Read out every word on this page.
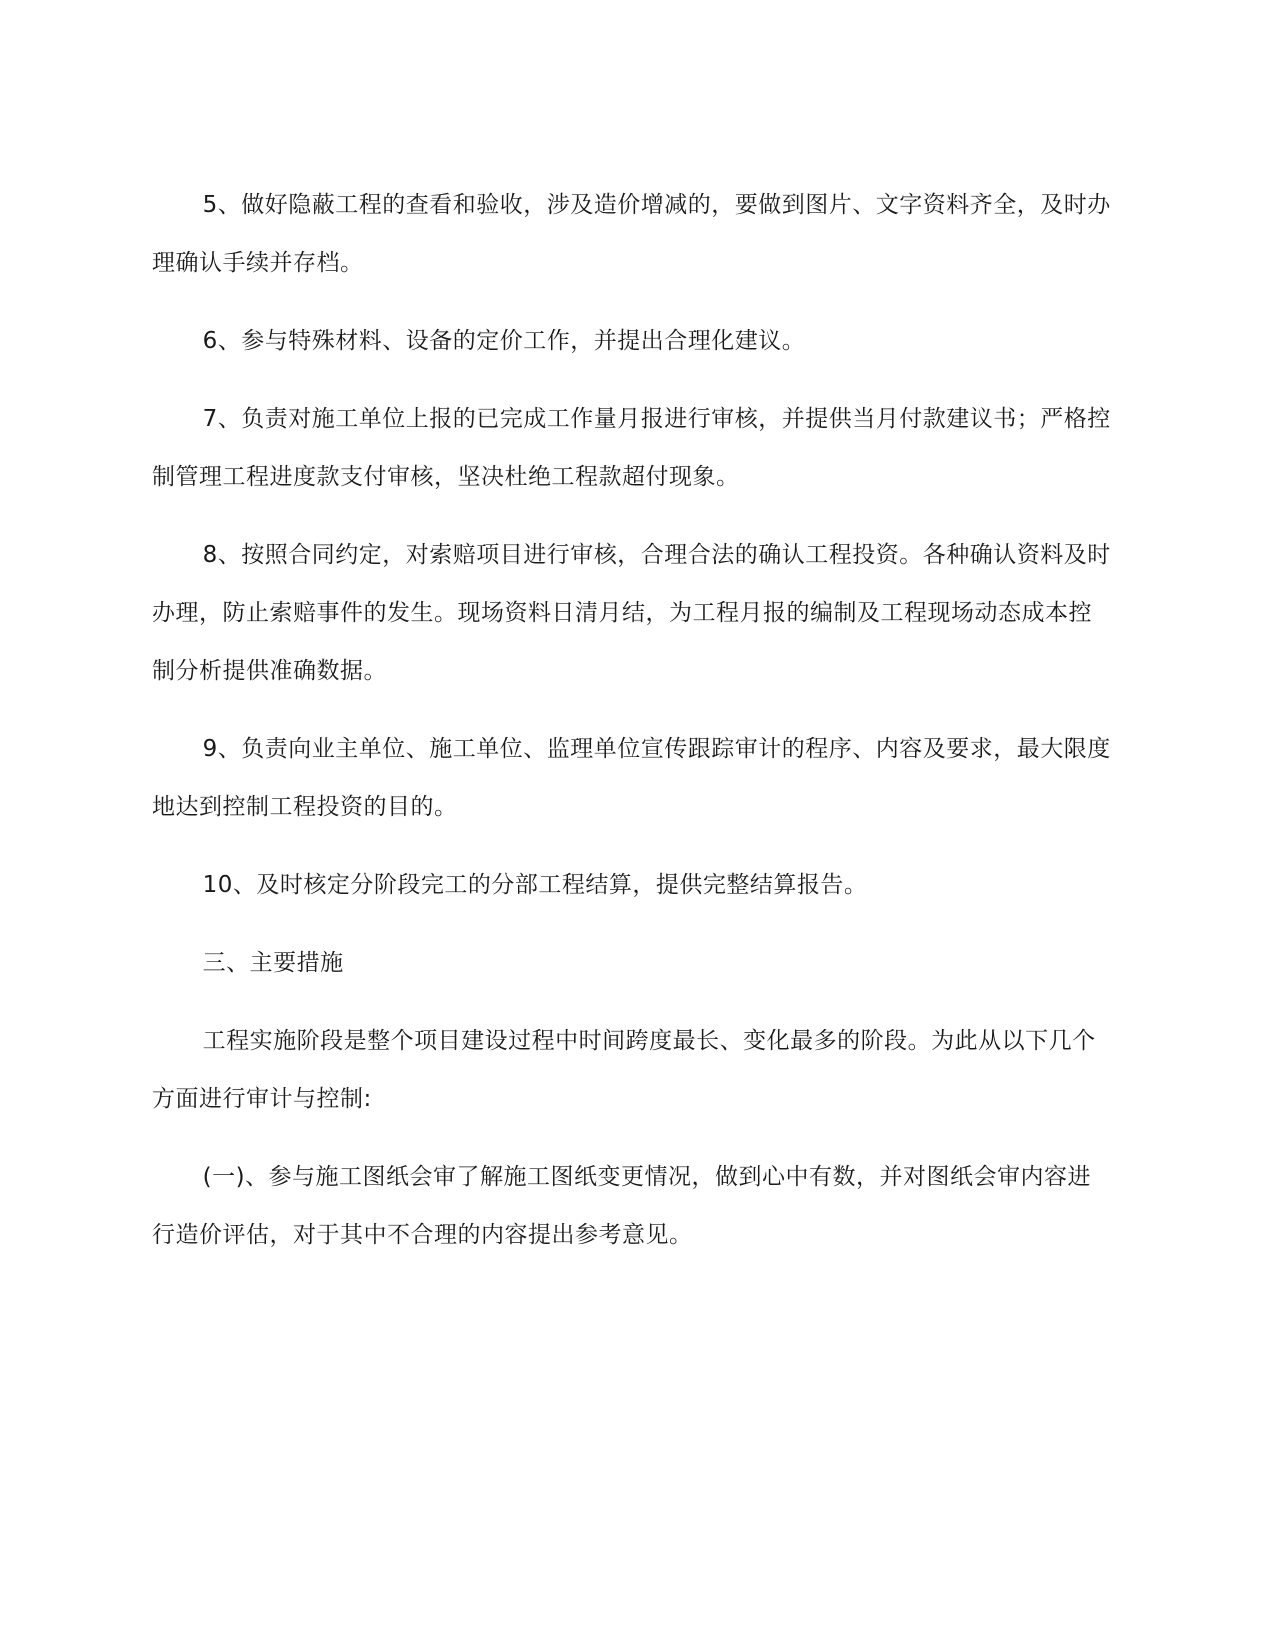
5、做好隐蔽工程的查看和验收，涉及造价增减的，要做到图片、文字资料齐全，及时办理确认手续并存档。

6、参与特殊材料、设备的定价工作，并提出合理化建议。

7、负责对施工单位上报的已完成工作量月报进行审核，并提供当月付款建议书；严格控制管理工程进度款支付审核，坚决杜绝工程款超付现象。

8、按照合同约定，对索赔项目进行审核，合理合法的确认工程投资。各种确认资料及时办理，防止索赔事件的发生。现场资料日清月结，为工程月报的编制及工程现场动态成本控制分析提供准确数据。

9、负责向业主单位、施工单位、监理单位宣传跟踪审计的程序、内容及要求，最大限度地达到控制工程投资的目的。

10、及时核定分阶段完工的分部工程结算，提供完整结算报告。

三、主要措施

工程实施阶段是整个项目建设过程中时间跨度最长、变化最多的阶段。为此从以下几个方面进行审计与控制:

(一)、参与施工图纸会审了解施工图纸变更情况，做到心中有数，并对图纸会审内容进行造价评估，对于其中不合理的内容提出参考意见。
